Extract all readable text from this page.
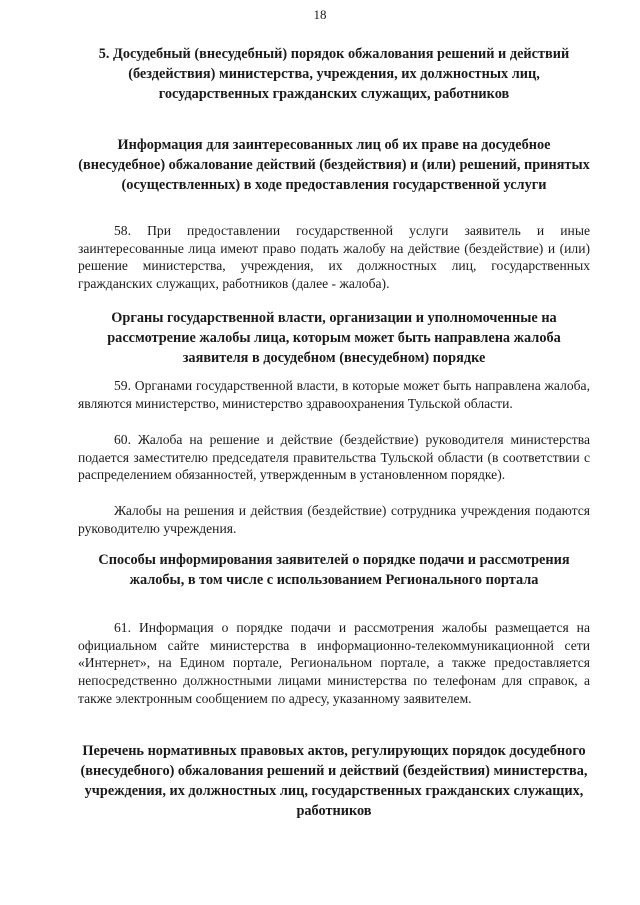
18
5. Досудебный (внесудебный) порядок обжалования решений и действий (бездействия) министерства, учреждения, их должностных лиц, государственных гражданских служащих, работников
Информация для заинтересованных лиц об их праве на досудебное (внесудебное) обжалование действий (бездействия) и (или) решений, принятых (осуществленных) в ходе предоставления государственной услуги
58. При предоставлении государственной услуги заявитель и иные заинтересованные лица имеют право подать жалобу на действие (бездействие) и (или) решение министерства, учреждения, их должностных лиц, государственных гражданских служащих, работников (далее - жалоба).
Органы государственной власти, организации и уполномоченные на рассмотрение жалобы лица, которым может быть направлена жалоба заявителя в досудебном (внесудебном) порядке
59. Органами государственной власти, в которые может быть направлена жалоба, являются министерство, министерство здравоохранения Тульской области.
60. Жалоба на решение и действие (бездействие) руководителя министерства подается заместителю председателя правительства Тульской области (в соответствии с распределением обязанностей, утвержденным в установленном порядке).
Жалобы на решения и действия (бездействие) сотрудника учреждения подаются руководителю учреждения.
Способы информирования заявителей о порядке подачи и рассмотрения жалобы, в том числе с использованием Регионального портала
61. Информация о порядке подачи и рассмотрения жалобы размещается на официальном сайте министерства в информационно-телекоммуникационной сети «Интернет», на Едином портале, Региональном портале, а также предоставляется непосредственно должностными лицами министерства по телефонам для справок, а также электронным сообщением по адресу, указанному заявителем.
Перечень нормативных правовых актов, регулирующих порядок досудебного (внесудебного) обжалования решений и действий (бездействия) министерства, учреждения, их должностных лиц, государственных гражданских служащих, работников
